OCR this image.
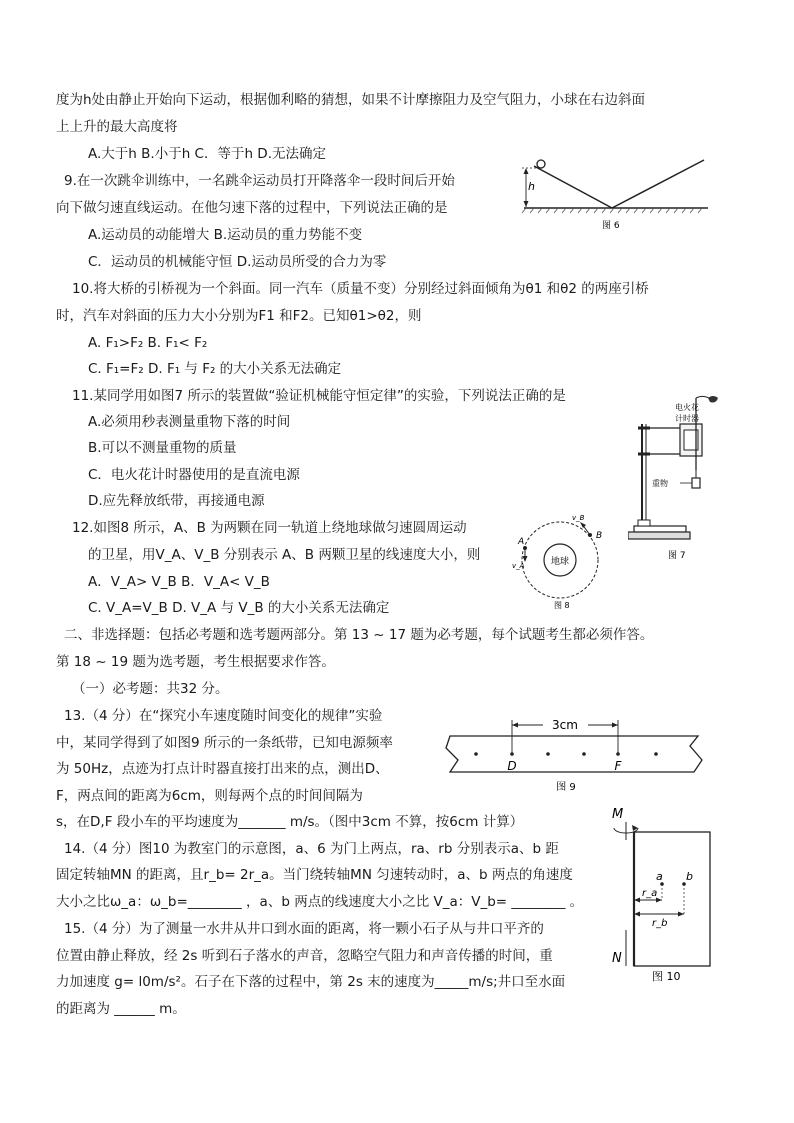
度为h处由静止开始向下运动，根据伽利略的猜想，如果不计摩擦阻力及空气阻力，小球在右边斜面
上上升的最大高度将
A.大于h B.小于h C．等于h D.无法确定
9.在一次跳伞训练中，一名跳伞运动员打开降落伞一段时间后开始
向下做匀速直线运动。在他匀速下落的过程中，下列说法正确的是
A.运动员的动能增大 B.运动员的重力势能不变
C．运动员的机械能守恒 D.运动员所受的合力为零
10.将大桥的引桥视为一个斜面。同一汽车（质量不变）分别经过斜面倾角为θ1 和θ2 的两座引桥
时，汽车对斜面的压力大小分别为F1 和F2。已知θ1>θ2，则
A. F₁>F₂ B. F₁< F₂
C. F₁=F₂ D. F₁ 与 F₂ 的大小关系无法确定
11.某同学用如图7 所示的装置做“验证机械能守恒定律”的实验，下列说法正确的是
A.必须用秒表测量重物下落的时间
B.可以不测量重物的质量
C．电火花计时器使用的是直流电源
D.应先释放纸带，再接通电源
12.如图8 所示，A、B 为两颗在同一轨道上绕地球做匀速圆周运动
的卫星，用V_A、V_B 分别表示 A、B 两颗卫星的线速度大小，则
A．V_A> V_B B．V_A< V_B
C. V_A=V_B D. V_A 与 V_B 的大小关系无法确定
二、非选择题：包括必考题和选考题两部分。第 13 ~ 17 题为必考题，每个试题考生都必须作答。
第 18 ~ 19 题为选考题，考生根据要求作答。
（一）必考题：共32 分。
13.（4 分）在“探究小车速度随时间变化的规律”实验
中，某同学得到了如图9 所示的一条纸带，已知电源频率
为 50Hz，点迹为打点计时器直接打出来的点，测出D、
F，两点间的距离为6cm，则每两个点的时间间隔为
s，在D,F 段小车的平均速度为_______ m/s。（图中3cm 不算，按6cm 计算）
14.（4 分）图10 为教室门的示意图，a、6 为门上两点，ra、rb 分别表示a、b 距
固定转轴MN 的距离，且r_b= 2r_a。当门绕转轴MN 匀速转动时，a、b 两点的角速度
大小之比ω_a：ω_b=________ ，a、b 两点的线速度大小之比 V_a：V_b= ________ 。
15.（4 分）为了测量一水井从井口到水面的距离，将一颗小石子从与井口平齐的
位置由静止释放，经 2s 听到石子落水的声音，忽略空气阻力和声音传播的时间，重
力加速度 g= l0m/s²。石子在下落的过程中，第 2s 末的速度为_____m/s;井口至水面
的距离为 ______ m。
h
图 6
电火花
计时器
重物
图 7
地球
A
B
v_A
v_B
图 8
3cm
D	F
图 9
M
a b
r_a
r_b
N
图 10
